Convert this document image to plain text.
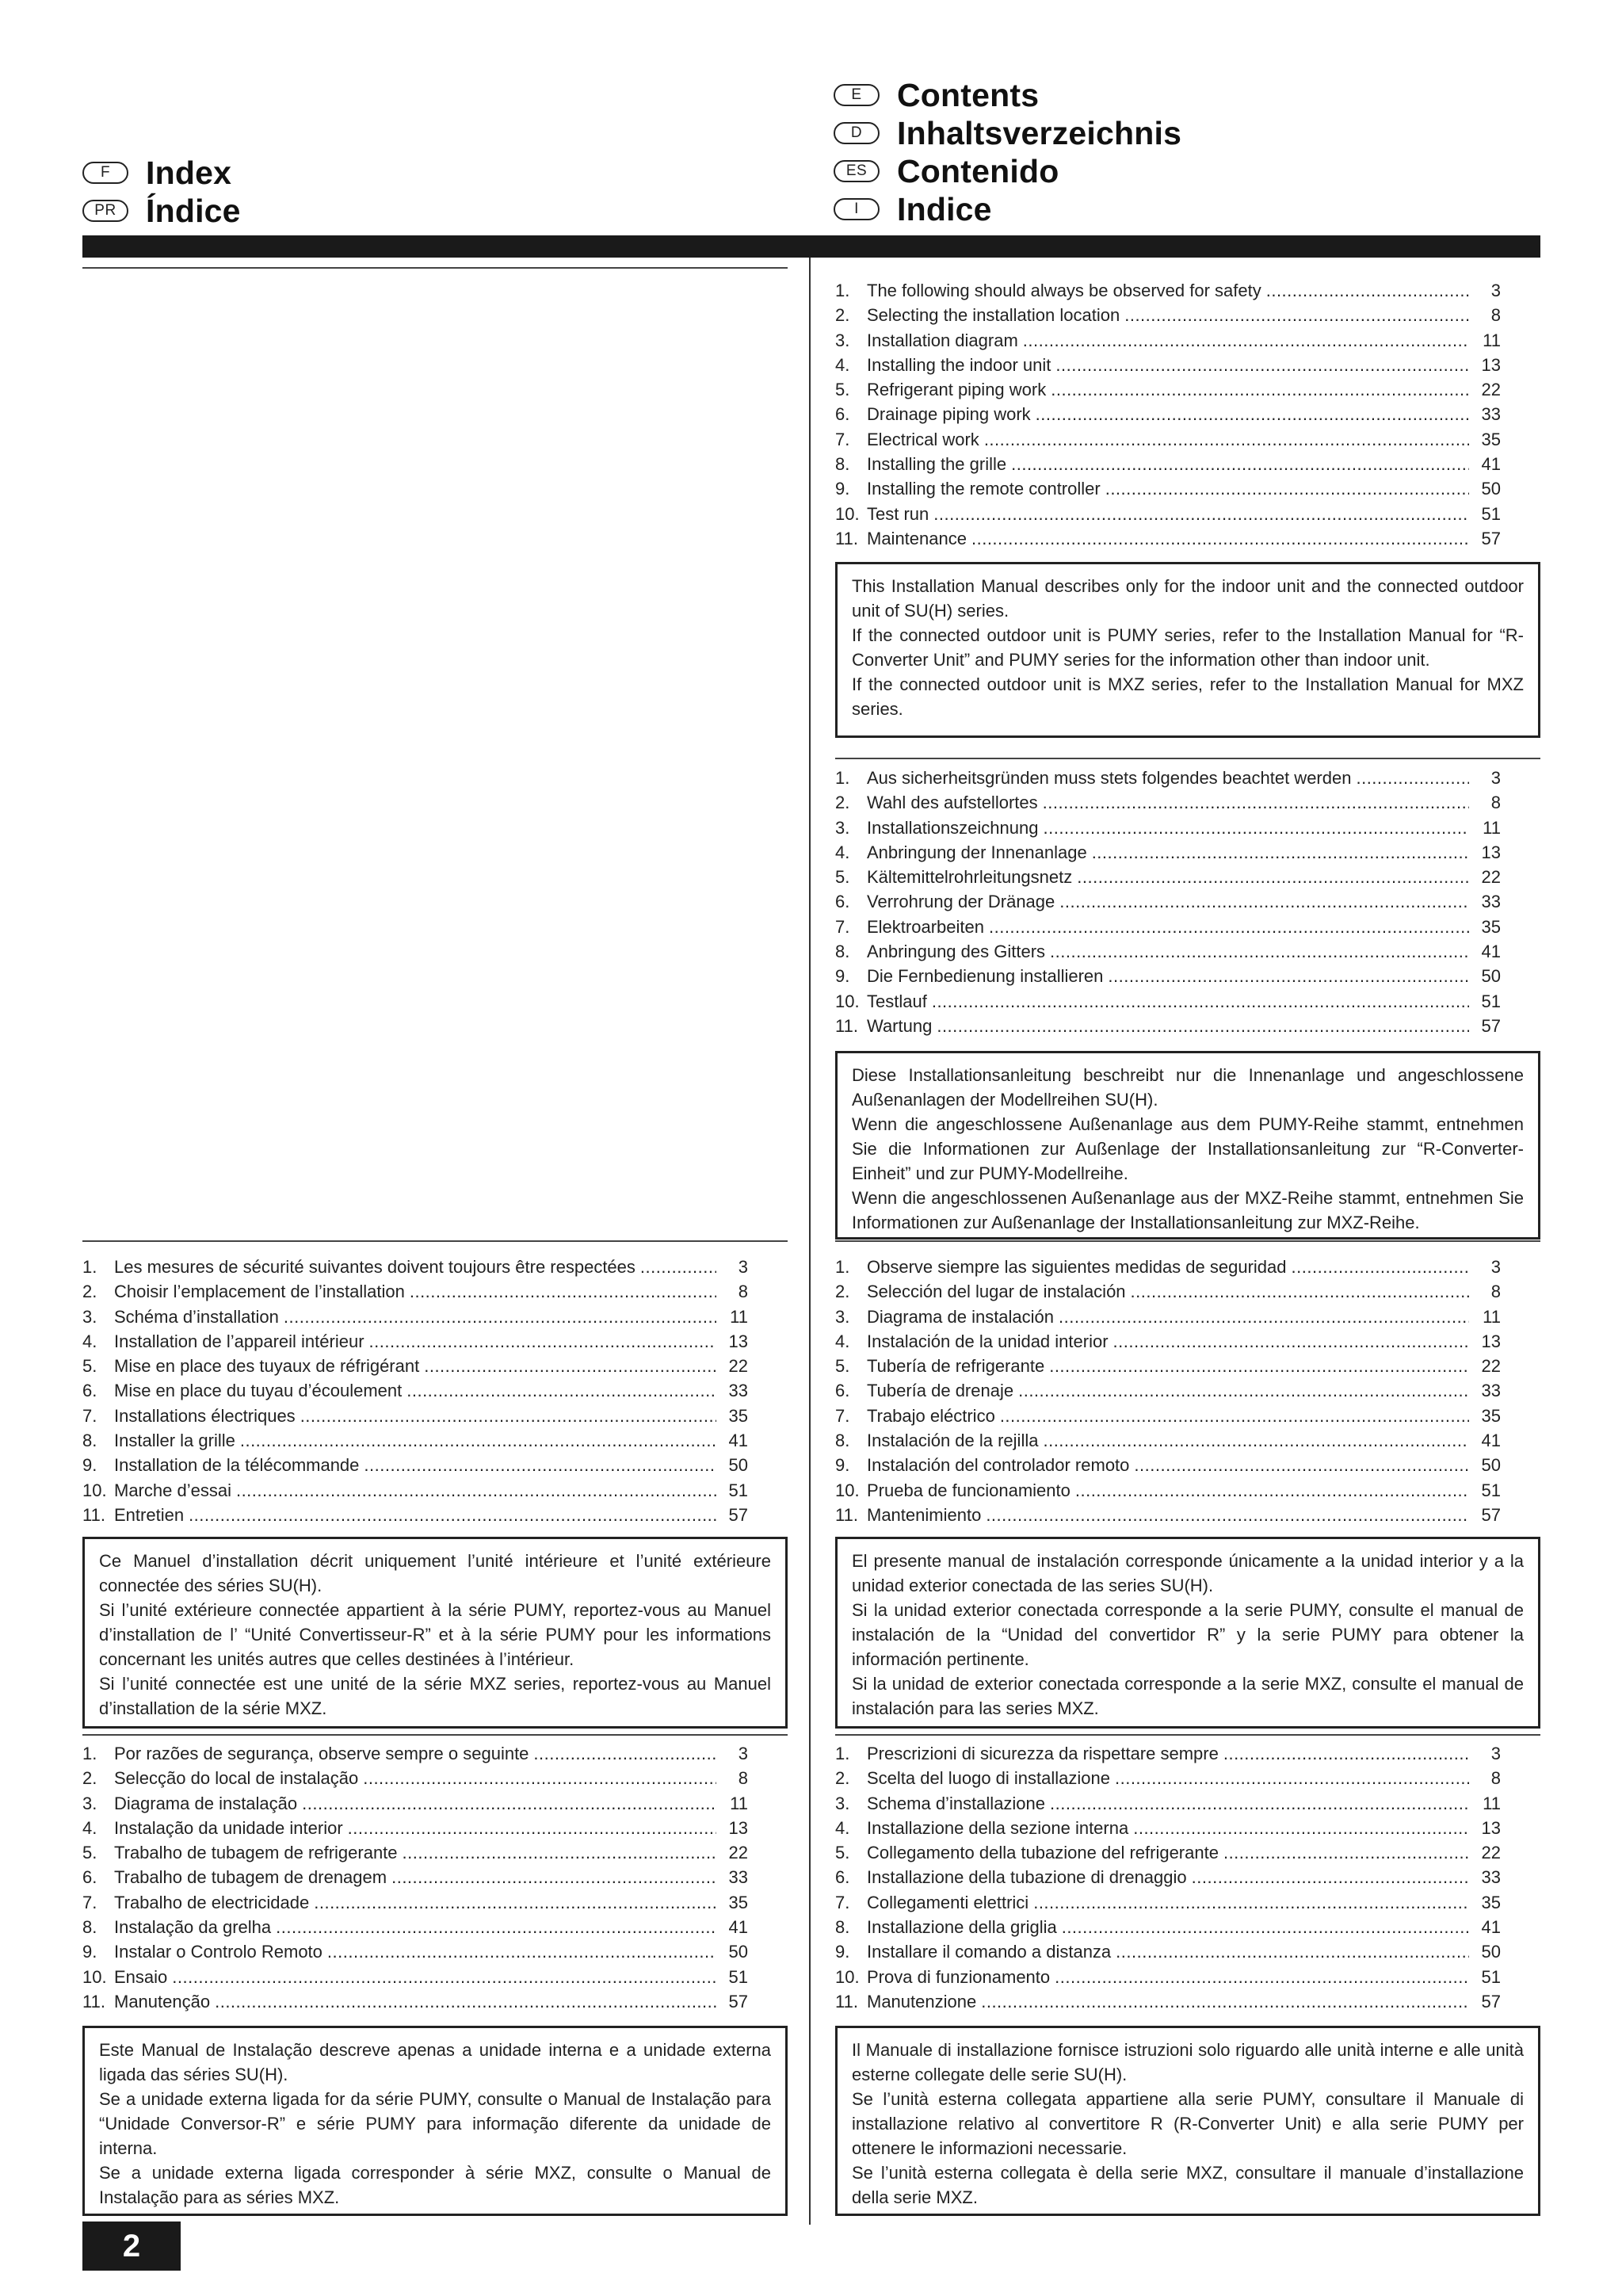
F	Index
PR Índice
E	Contents
D	Inhaltsverzeichnis
ES Contenido
I	Indice
1. The following should always be observed for safety .....	3
2. Selecting the installation location .....	8
3. Installation diagram .....	11
4. Installing the indoor unit .....	13
5. Refrigerant piping work .....	22
6. Drainage piping work .....	33
7. Electrical work .....	35
8. Installing the grille .....	41
9. Installing the remote controller .....	50
10. Test run .....	51
11. Maintenance .....	57

This Installation Manual describes only for the indoor unit and the connected outdoor unit of SU(H) series.

If the connected outdoor unit is PUMY series, refer to the Installation Manual for “R-Converter Unit” and PUMY series for the information other than indoor unit.

If the connected outdoor unit is MXZ series, refer to the Installation Manual for MXZ series.

1. Aus sicherheitsgründen muss stets folgendes beachtet werden .....	3
2. Wahl des aufstellortes .....	8
3. Installationszeichnung .....	11
4. Anbringung der Innenanlage .....	13
5. Kältemittelrohrleitungsnetz .....	22
6. Verrohrung der Dränage .....	33
7. Elektroarbeiten .....	35
8. Anbringung des Gitters .....	41
9. Die Fernbedienung installieren .....	50
10. Testlauf .....	51
11. Wartung .....	57

Diese Installationsanleitung beschreibt nur die Innenanlage und angeschlossene Außenanlagen der Modellreihen SU(H).

Wenn die angeschlossene Außenanlage aus dem PUMY-Reihe stammt, entnehmen Sie die Informationen zur Außenlage der Installationsanleitung zur “R-Converter-Einheit” und zur PUMY-Modellreihe.

Wenn die angeschlossenen Außenanlage aus der MXZ-Reihe stammt, entnehmen Sie Informationen zur Außenanlage der Installationsanleitung zur MXZ-Reihe.

1. Les mesures de sécurité suivantes doivent toujours être respectées .....	3
2. Choisir l’emplacement de l’installation .....	8
3. Schéma d’installation .....	11
4. Installation de l’appareil intérieur .....	13
5. Mise en place des tuyaux de réfrigérant .....	22
6. Mise en place du tuyau d’écoulement .....	33
7. Installations électriques .....	35
8. Installer la grille .....	41
9. Installation de la télécommande .....	50
10. Marche d’essai .....	51
11. Entretien .....	57

Ce Manuel d’installation décrit uniquement l’unité intérieure et l’unité extérieure connectée des séries SU(H).

Si l’unité extérieure connectée appartient à la série PUMY, reportez-vous au Manuel d’installation de l’ “Unité Convertisseur-R” et à la série PUMY pour les informations concernant les unités autres que celles destinées à l’intérieur.

Si l’unité connectée est une unité de la série MXZ series, reportez-vous au Manuel d’installation de la série MXZ.

1. Observe siempre las siguientes medidas de seguridad .....	3
2. Selección del lugar de instalación .....	8
3. Diagrama de instalación .....	11
4. Instalación de la unidad interior .....	13
5. Tubería de refrigerante .....	22
6. Tubería de drenaje .....	33
7. Trabajo eléctrico .....	35
8. Instalación de la rejilla .....	41
9. Instalación del controlador remoto .....	50
10. Prueba de funcionamiento .....	51
11. Mantenimiento .....	57

El presente manual de instalación corresponde únicamente a la unidad interior y a la unidad exterior conectada de las series SU(H).

Si la unidad exterior conectada corresponde a la serie PUMY, consulte el manual de instalación de la “Unidad del convertidor R” y la serie PUMY para obtener la información pertinente.

Si la unidad de exterior conectada corresponde a la serie MXZ, consulte el manual de instalación para las series MXZ.

1. Por razões de segurança, observe sempre o seguinte .....	3
2. Selecção do local de instalação .....	8
3. Diagrama de instalação .....	11
4. Instalação da unidade interior .....	13
5. Trabalho de tubagem de refrigerante .....	22
6. Trabalho de tubagem de drenagem .....	33
7. Trabalho de electricidade .....	35
8. Instalação da grelha .....	41
9. Instalar o Controlo Remoto .....	50
10. Ensaio .....	51
11. Manutenção .....	57

Este Manual de Instalação descreve apenas a unidade interna e a unidade externa ligada das séries SU(H).

Se a unidade externa ligada for da série PUMY, consulte o Manual de Instalação para “Unidade Conversor-R” e série PUMY para informação diferente da unidade de interna.

Se a unidade externa ligada corresponder à série MXZ, consulte o Manual de Instalação para as séries MXZ.

1. Prescrizioni di sicurezza da rispettare sempre .....	3
2. Scelta del luogo di installazione .....	8
3. Schema d’installazione .....	11
4. Installazione della sezione interna .....	13
5. Collegamento della tubazione del refrigerante .....	22
6. Installazione della tubazione di drenaggio .....	33
7. Collegamenti elettrici .....	35
8. Installazione della griglia .....	41
9. Installare il comando a distanza .....	50
10. Prova di funzionamento .....	51
11. Manutenzione .....	57

Il Manuale di installazione fornisce istruzioni solo riguardo alle unità interne e alle unità esterne collegate delle serie SU(H).

Se l’unità esterna collegata appartiene alla serie PUMY, consultare il Manuale di installazione relativo al convertitore R (R-Converter Unit) e alla serie PUMY per ottenere le informazioni necessarie.

Se l’unità esterna collegata è della serie MXZ, consultare il manuale d’installazione della serie MXZ.

2
